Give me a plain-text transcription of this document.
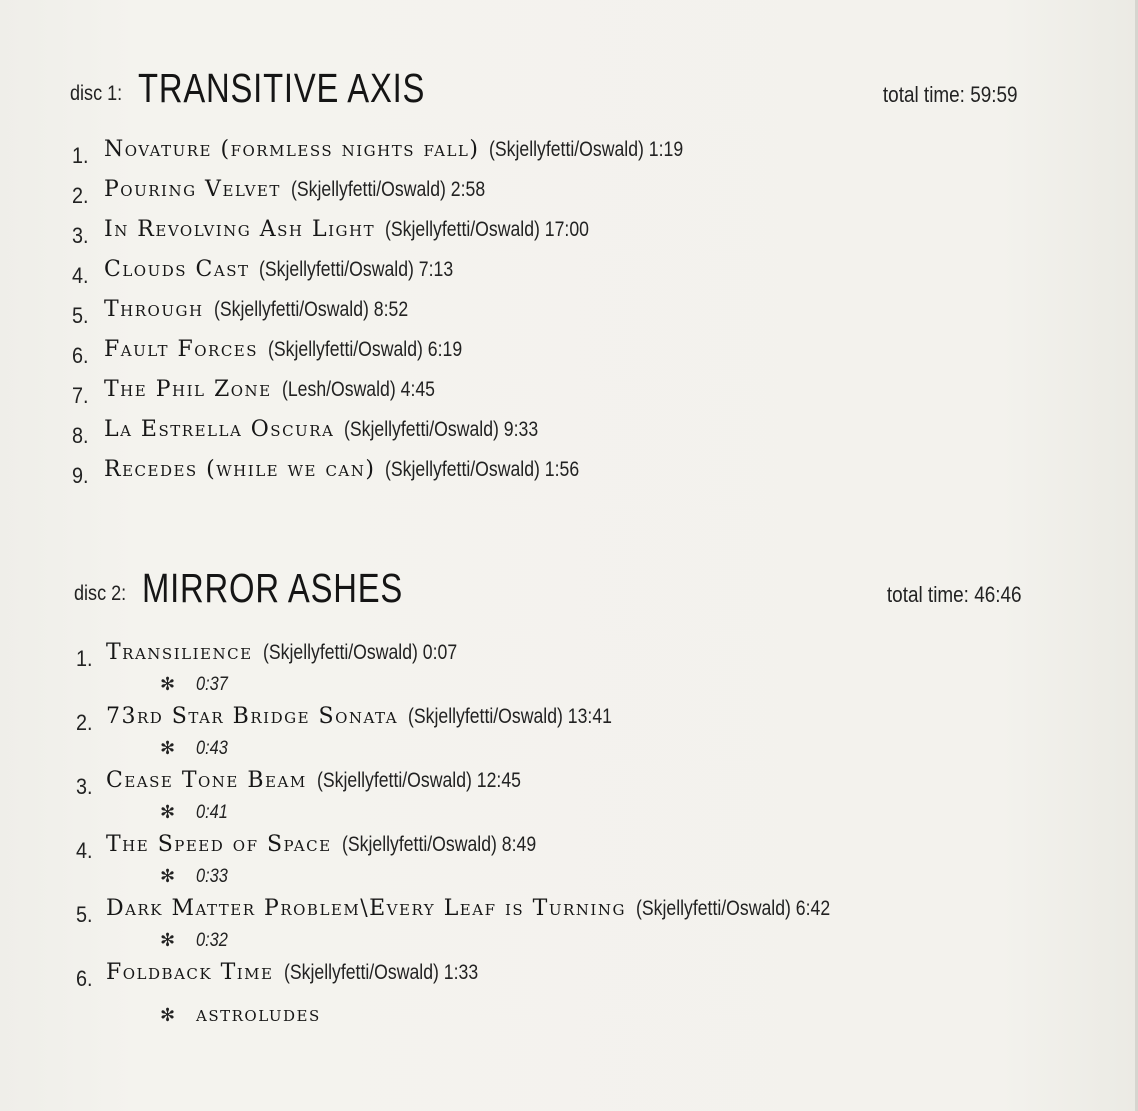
disc 1: TRANSITIVE AXIS	total time: 59:59
1. Novature (formless nights fall) (Skjellyfetti/Oswald) 1:19
2. Pouring Velvet (Skjellyfetti/Oswald) 2:58
3. In Revolving Ash Light (Skjellyfetti/Oswald) 17:00
4. Clouds Cast (Skjellyfetti/Oswald) 7:13
5. Through (Skjellyfetti/Oswald) 8:52
6. Fault Forces (Skjellyfetti/Oswald) 6:19
7. The Phil Zone (Lesh/Oswald) 4:45
8. La Estrella Oscura (Skjellyfetti/Oswald) 9:33
9. Recedes (while we can) (Skjellyfetti/Oswald) 1:56
disc 2: MIRROR ASHES	total time: 46:46
1. Transilience (Skjellyfetti/Oswald) 0:07
✻ 0:37
2. 73rd Star Bridge Sonata (Skjellyfetti/Oswald) 13:41
✻ 0:43
3. Cease Tone Beam (Skjellyfetti/Oswald) 12:45
✻ 0:41
4. The Speed of Space (Skjellyfetti/Oswald) 8:49
✻ 0:33
5. Dark Matter Problem\Every Leaf is Turning (Skjellyfetti/Oswald) 6:42
✻ 0:32
6. Foldback Time (Skjellyfetti/Oswald) 1:33
✻ astroludes
